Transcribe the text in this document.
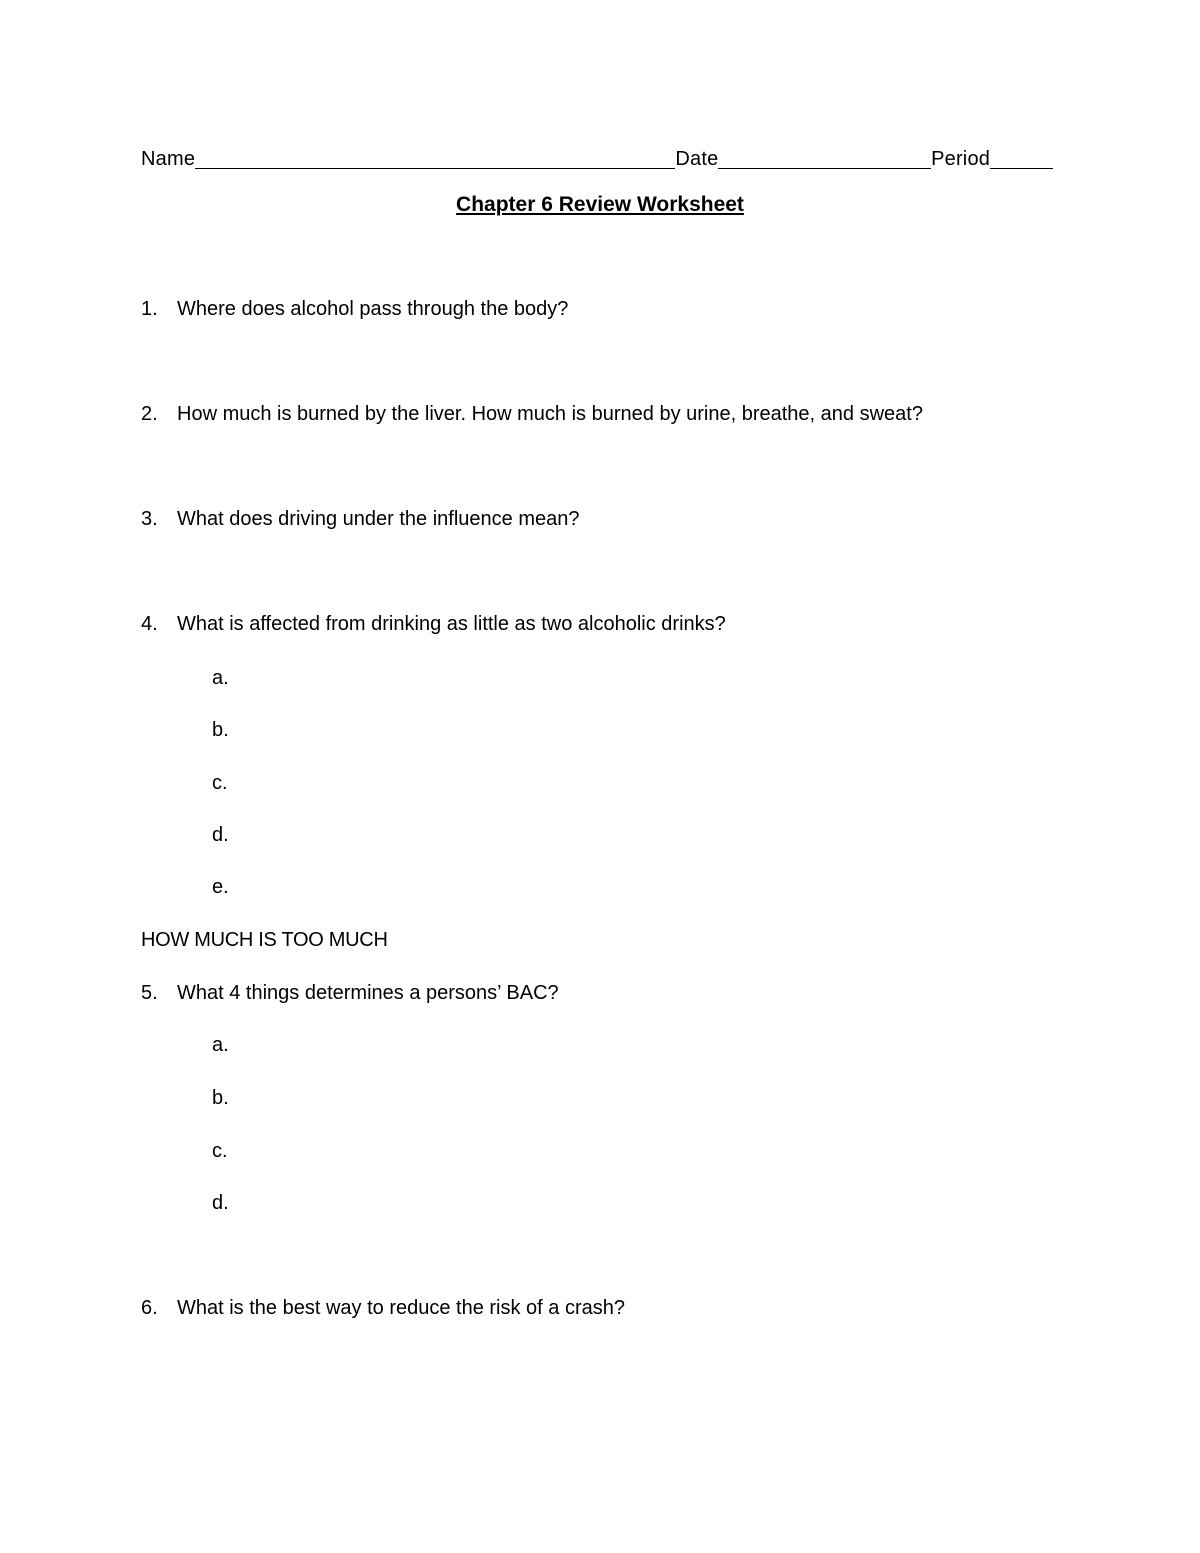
Name	Date	Period
Chapter 6 Review Worksheet
1. Where does alcohol pass through the body?
2. How much is burned by the liver. How much is burned by urine, breathe, and sweat?
3. What does driving under the influence mean?
4. What is affected from drinking as little as two alcoholic drinks?
a.
b.
c.
d.
e.
HOW MUCH IS TOO MUCH
5. What 4 things determines a persons’ BAC?
a.
b.
c.
d.
6. What is the best way to reduce the risk of a crash?
